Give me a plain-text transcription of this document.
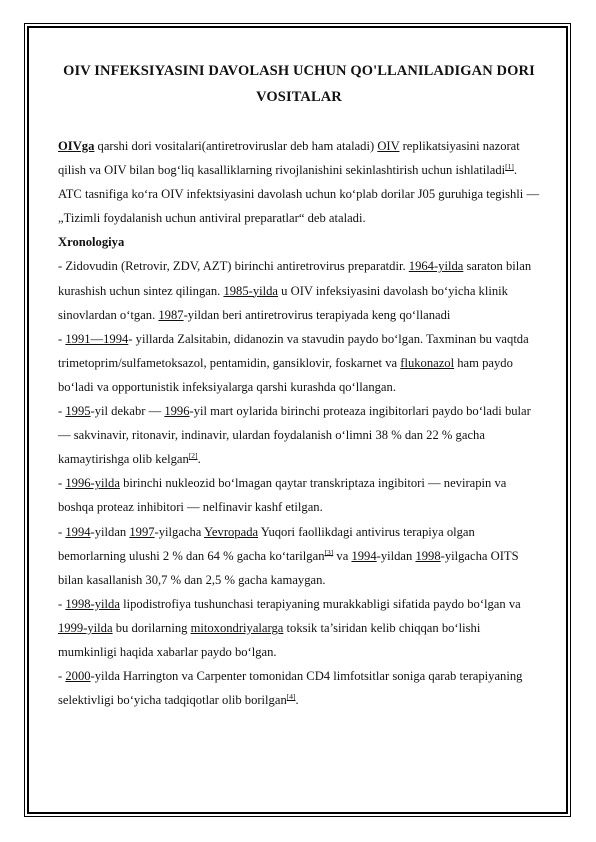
OIV INFEKSIYASINI DAVOLASH UCHUN QO'LLANILADIGAN DORI VOSITALAR

OIVga qarshi dori vositalari(antiretroviruslar deb ham ataladi) OIV replikatsiyasini nazorat qilish va OIV bilan bog‘liq kasalliklarning rivojlanishini sekinlashtirish uchun ishlatiladi[1]. ATC tasnifiga ko‘ra OIV infektsiyasini davolash uchun ko‘plab dorilar J05 guruhiga tegishli — „Tizimli foydalanish uchun antiviral preparatlar“ deb ataladi.

Xronologiya

- Zidovudin (Retrovir, ZDV, AZT) birinchi antiretrovirus preparatdir. 1964-yilda saraton bilan kurashish uchun sintez qilingan. 1985-yilda u OIV infeksiyasini davolash bo‘yicha klinik sinovlardan o‘tgan. 1987-yildan beri antiretrovirus terapiyada keng qo‘llanadi

- 1991—1994- yillarda Zalsitabin, didanozin va stavudin paydo bo‘lgan. Taxminan bu vaqtda trimetoprim/sulfametoksazol, pentamidin, gansiklovir, foskarnet va flukonazol ham paydo bo‘ladi va opportunistik infeksiyalarga qarshi kurashda qo‘llangan.

- 1995-yil dekabr — 1996-yil mart oylarida birinchi proteaza ingibitorlari paydo bo‘ladi bular — sakvinavir, ritonavir, indinavir, ulardan foydalanish o‘limni 38 % dan 22 % gacha kamaytirishga olib kelgan[2].

- 1996-yilda birinchi nukleozid bo‘lmagan qaytar transkriptaza ingibitori — nevirapin va boshqa proteaz inhibitori — nelfinavir kashf etilgan.

- 1994-yildan 1997-yilgacha Yevropada Yuqori faollikdagi antivirus terapiya olgan bemorlarning ulushi 2 % dan 64 % gacha ko‘tarilgan[3] va 1994-yildan 1998-yilgacha OITS bilan kasallanish 30,7 % dan 2,5 % gacha kamaygan.

- 1998-yilda lipodistrofiya tushunchasi terapiyaning murakkabligi sifatida paydo bo‘lgan va 1999-yilda bu dorilarning mitoxondriyalarga toksik ta’siridan kelib chiqqan bo‘lishi mumkinligi haqida xabarlar paydo bo‘lgan.

- 2000-yilda Harrington va Carpenter tomonidan CD4 limfotsitlar soniga qarab terapiyaning selektivligi bo‘yicha tadqiqotlar olib borilgan[4].
